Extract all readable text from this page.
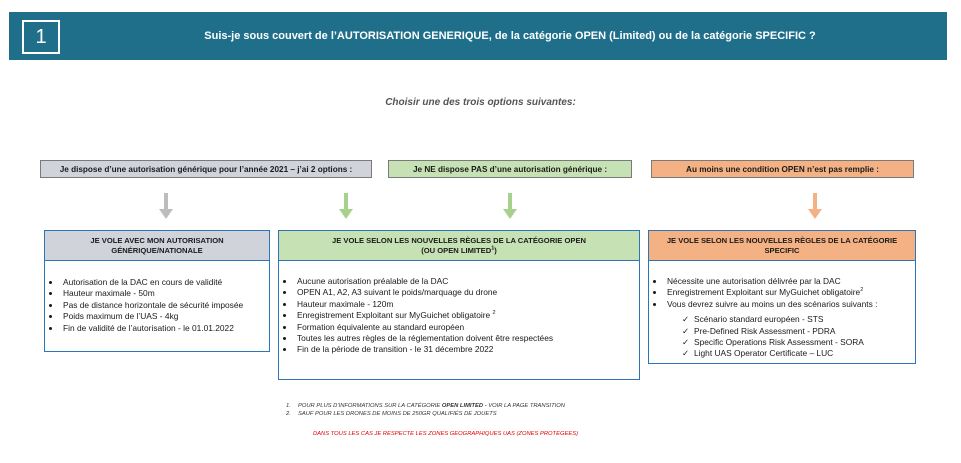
1	Suis-je sous couvert de l’AUTORISATION GENERIQUE, de la catégorie OPEN (Limited) ou de la catégorie SPECIFIC ?
Choisir une des trois options suivantes:
Je dispose d’une autorisation générique pour l’année 2021 – j’ai 2 options :	Je NE dispose PAS d’une autorisation générique :	Au moins une condition OPEN n’est pas remplie :
JE VOLE AVEC MON AUTORISATION
GÉNÉRIQUE/NATIONALE
• Autorisation de la DAC en cours de validité
• Hauteur maximale - 50m
• Pas de distance horizontale de sécurité imposée
• Poids maximum de l’UAS - 4kg
• Fin de validité de l’autorisation - le 01.01.2022
JE VOLE SELON LES NOUVELLES RÈGLES DE LA CATÉGORIE OPEN
(OU OPEN LIMITED$^1$)
• Aucune autorisation préalable de la DAC
• OPEN A1, A2, A3 suivant le poids/marquage du drone
• Hauteur maximale - 120m
• Enregistrement Exploitant sur MyGuichet obligatoire $^2$
• Formation équivalente au standard européen
• Toutes les autres règles de la réglementation doivent être respectées
• Fin de la période de transition - le 31 décembre 2022
JE VOLE SELON LES NOUVELLES RÈGLES DE LA CATÉGORIE
SPECIFIC
• Nécessite une autorisation délivrée par la DAC
• Enregistrement Exploitant sur MyGuichet obligatoire$^2$
• Vous devrez suivre au moins un des scénarios suivants :
✓ Scénario standard européen - STS
✓ Pre-Defined Risk Assessment - PDRA
✓ Specific Operations Risk Assessment - SORA
✓ Light UAS Operator Certificate – LUC
1. POUR PLUS D’INFORMATIONS SUR LA CATÉGORIE OPEN LIMITED - VOIR LA PAGE TRANSITION
2. SAUF POUR LES DRONES DE MOINS DE 250GR QUALIFIÉS DE JOUETS
DANS TOUS LES CAS JE RESPECTE LES ZONES GEOGRAPHIQUES UAS (ZONES PROTEGEES)
